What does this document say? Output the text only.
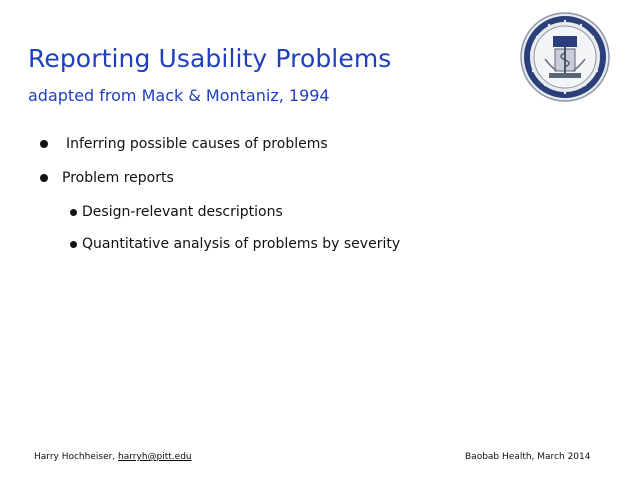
Reporting Usability Problems
adapted from Mack & Montaniz, 1994
Inferring possible causes of problems
Problem reports
Design-relevant descriptions
Quantitative analysis of problems by severity
Harry Hochheiser, harryh@pitt.edu	Baobab Health, March 2014
